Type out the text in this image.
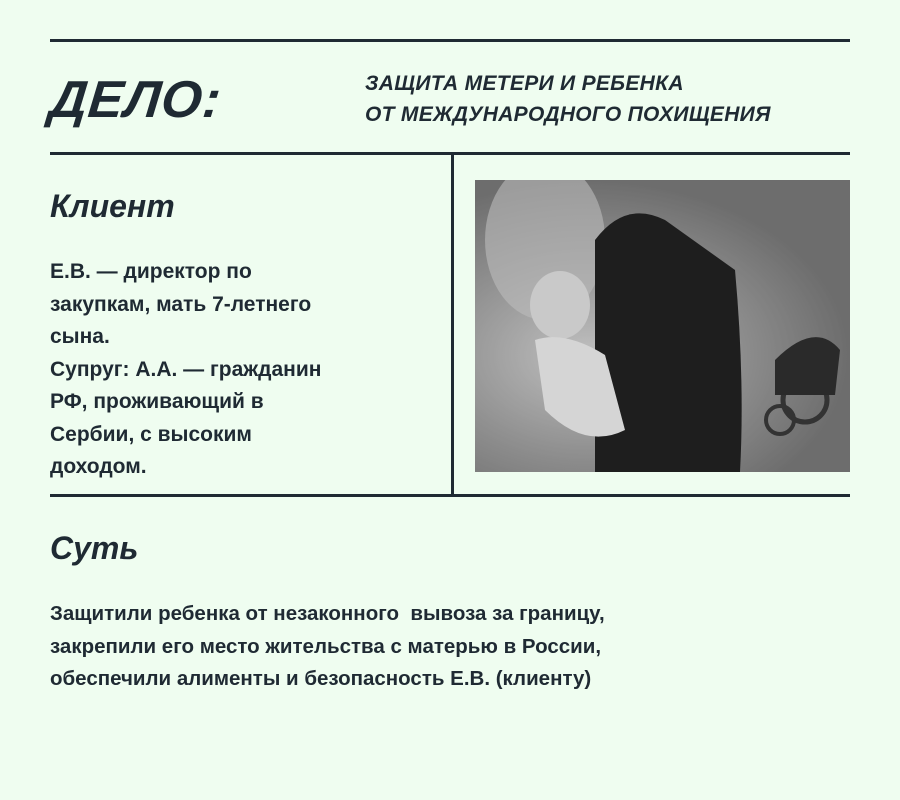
ДЕЛО:	ЗАЩИТА МЕТЕРИ И РЕБЕНКА
ОТ МЕЖДУНАРОДНОГО ПОХИЩЕНИЯ
Клиент
Е.В. — директор по
закупкам, мать 7-летнего
сына.
Супруг: А.А. — гражданин
РФ, проживающий в
Сербии, с высоким
доходом.
Суть
Защитили ребенка от незаконного  вывоза за границу,
закрепили его место жительства с матерью в России,
обеспечили алименты и безопасность Е.В. (клиенту)
